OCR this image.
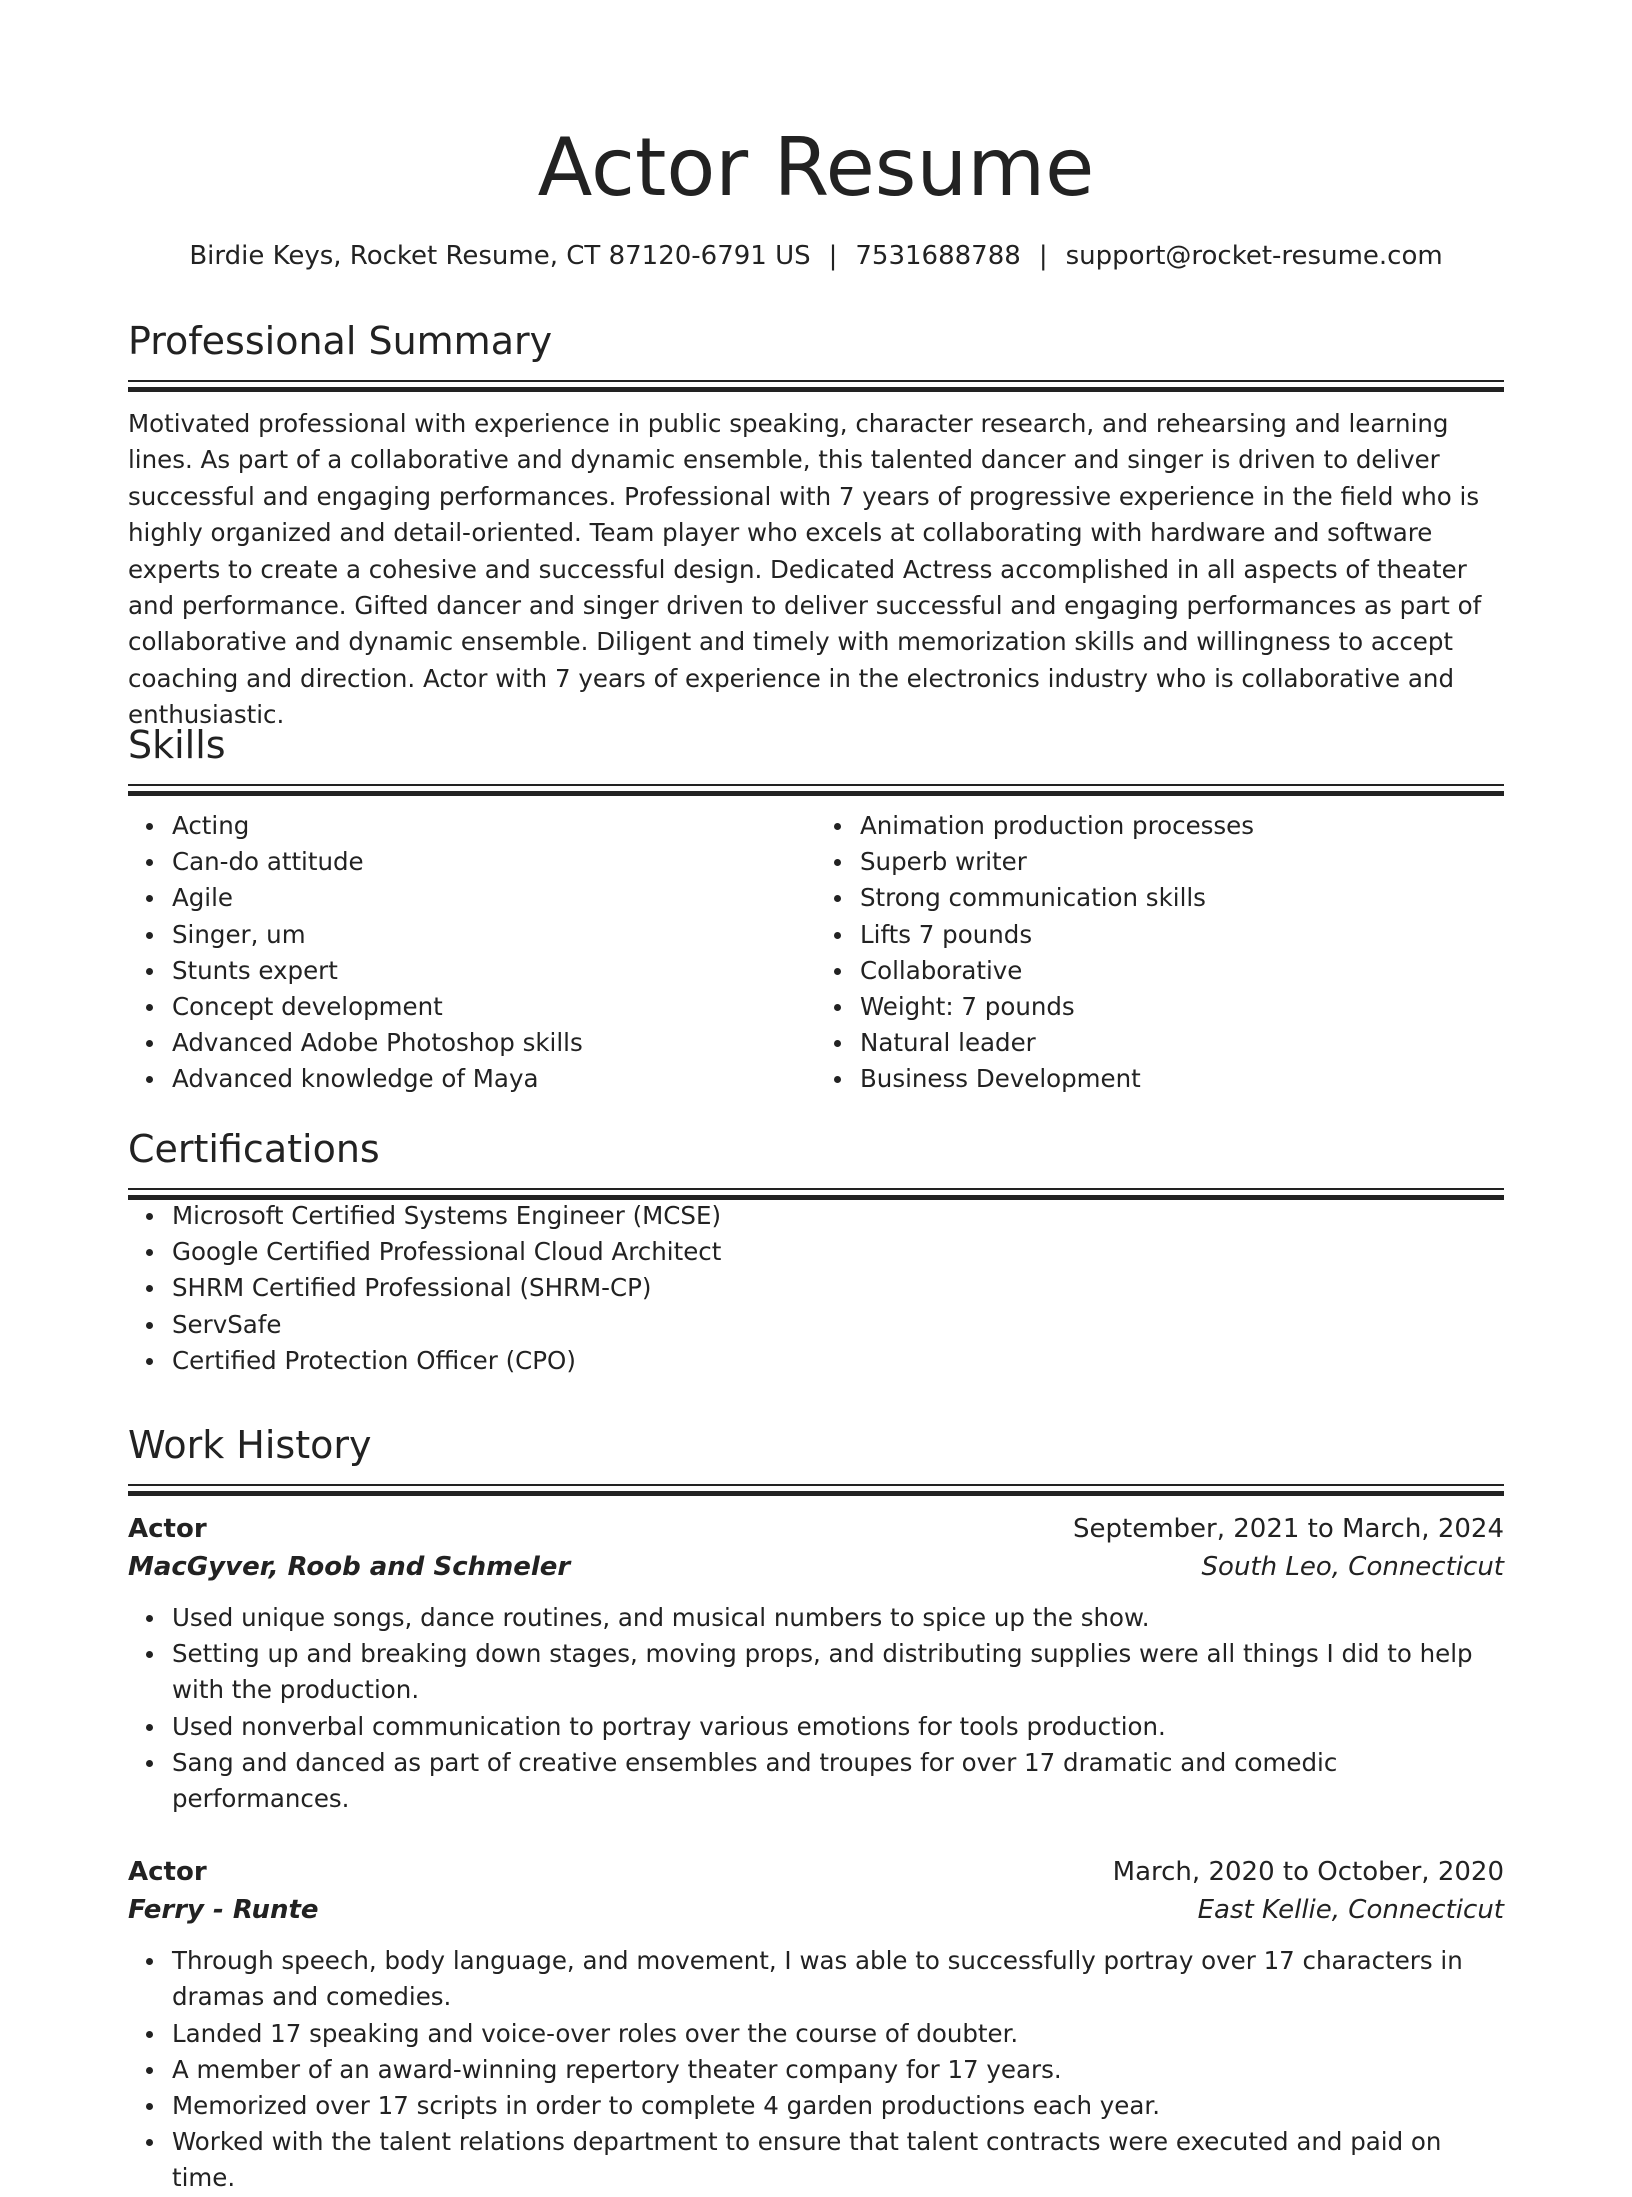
Actor Resume
Birdie Keys, Rocket Resume, CT 87120-6791 US | 7531688788 | support@rocket-resume.com
Professional Summary
Motivated professional with experience in public speaking, character research, and rehearsing and learning lines. As part of a collaborative and dynamic ensemble, this talented dancer and singer is driven to deliver successful and engaging performances. Professional with 7 years of progressive experience in the field who is highly organized and detail-oriented. Team player who excels at collaborating with hardware and software experts to create a cohesive and successful design. Dedicated Actress accomplished in all aspects of theater and performance. Gifted dancer and singer driven to deliver successful and engaging performances as part of collaborative and dynamic ensemble. Diligent and timely with memorization skills and willingness to accept coaching and direction. Actor with 7 years of experience in the electronics industry who is collaborative and enthusiastic.
Skills
Acting
Can-do attitude
Agile
Singer, um
Stunts expert
Concept development
Advanced Adobe Photoshop skills
Advanced knowledge of Maya
Animation production processes
Superb writer
Strong communication skills
Lifts 7 pounds
Collaborative
Weight: 7 pounds
Natural leader
Business Development
Certifications
Microsoft Certified Systems Engineer (MCSE)
Google Certified Professional Cloud Architect
SHRM Certified Professional (SHRM-CP)
ServSafe
Certified Protection Officer (CPO)
Work History
Actor	September, 2021 to March, 2024
MacGyver, Roob and Schmeler	South Leo, Connecticut
Used unique songs, dance routines, and musical numbers to spice up the show.
Setting up and breaking down stages, moving props, and distributing supplies were all things I did to help with the production.
Used nonverbal communication to portray various emotions for tools production.
Sang and danced as part of creative ensembles and troupes for over 17 dramatic and comedic performances.
Actor	March, 2020 to October, 2020
Ferry - Runte	East Kellie, Connecticut
Through speech, body language, and movement, I was able to successfully portray over 17 characters in dramas and comedies.
Landed 17 speaking and voice-over roles over the course of doubter.
A member of an award-winning repertory theater company for 17 years.
Memorized over 17 scripts in order to complete 4 garden productions each year.
Worked with the talent relations department to ensure that talent contracts were executed and paid on time.
